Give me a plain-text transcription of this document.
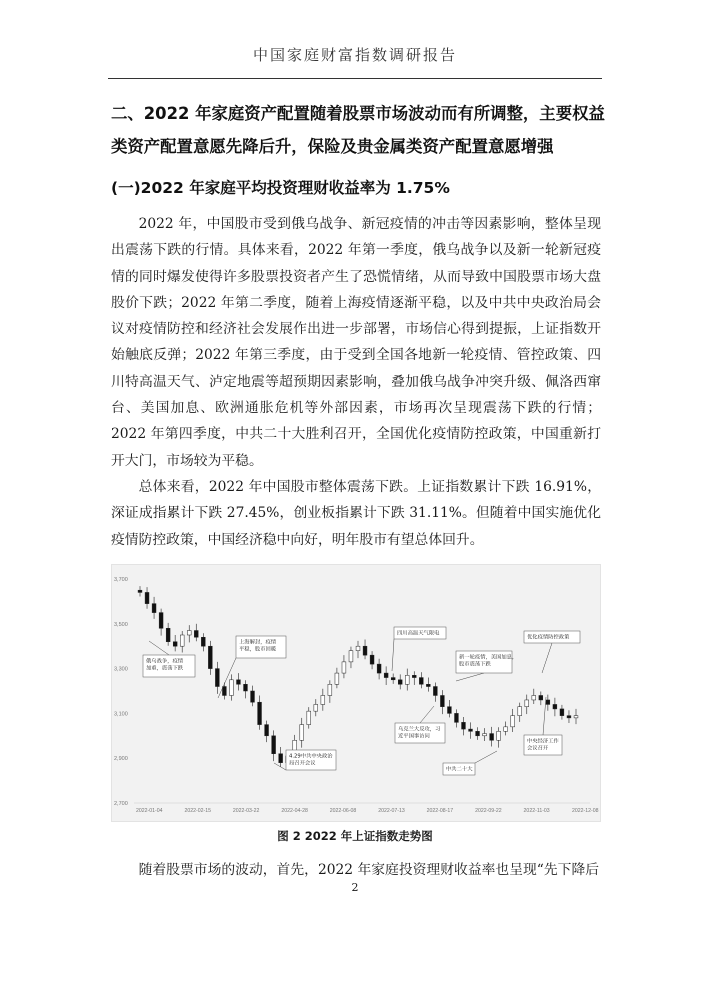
中国家庭财富指数调研报告
二、2022 年家庭资产配置随着股票市场波动而有所调整，主要权益
类资产配置意愿先降后升，保险及贵金属类资产配置意愿增强
(一)2022 年家庭平均投资理财收益率为 1.75%

2022 年，中国股市受到俄乌战争、新冠疫情的冲击等因素影响，整体呈现出震荡下跌的行情。具体来看，2022 年第一季度，俄乌战争以及新一轮新冠疫情的同时爆发使得许多股票投资者产生了恐慌情绪，从而导致中国股票市场大盘股价下跌；2022 年第二季度，随着上海疫情逐渐平稳，以及中共中央政治局会议对疫情防控和经济社会发展作出进一步部署，市场信心得到提振，上证指数开始触底反弹；2022 年第三季度，由于受到全国各地新一轮疫情、管控政策、四川特高温天气、泸定地震等超预期因素影响，叠加俄乌战争冲突升级、佩洛西窜台、美国加息、欧洲通胀危机等外部因素，市场再次呈现震荡下跌的行情；2022 年第四季度，中共二十大胜利召开，全国优化疫情防控政策，中国重新打开大门，市场较为平稳。

总体来看，2022 年中国股市整体震荡下跌。上证指数累计下跌 16.91%，深证成指累计下跌 27.45%，创业板指累计下跌 31.11%。但随着中国实施优化疫情防控政策，中国经济稳中向好，明年股市有望总体回升。

3,700
3,500
3,300
3,100
2,900
2,700
2022-01-04	2022-02-15	2022-03-22	2022-04-28	2022-06-08	2022-07-13	2022-08-17	2022-09-22	2022-11-03	2022-12-08
俄乌战争，疫情
加重，震荡下跌
上海解封，疫情
平稳，股市回暖
4.29中共中央政治
局召开会议
四川高温天气限电
新一轮疫情，美国加息，
股市震荡下跌
乌克兰大反攻，习
近平国事访问
中共二十大
优化疫情防控政策
中央经济工作
会议召开
图 2 2022 年上证指数走势图
随着股票市场的波动，首先，2022 年家庭投资理财收益率也呈现“先下降后
2
